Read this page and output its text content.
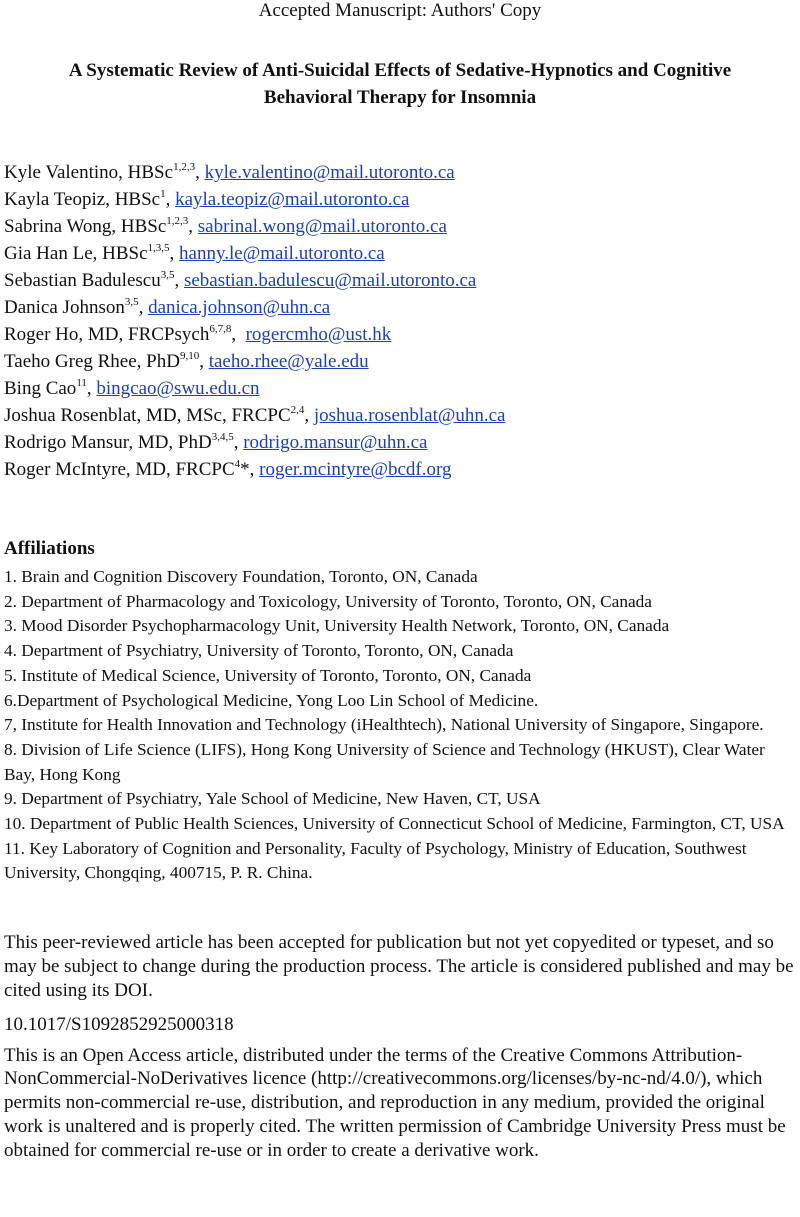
Accepted Manuscript: Authors' Copy
A Systematic Review of Anti-Suicidal Effects of Sedative-Hypnotics and Cognitive
Behavioral Therapy for Insomnia
Kyle Valentino, HBSc$^{1,2,3}$, kyle.valentino@mail.utoronto.ca
Kayla Teopiz, HBSc$^1$, kayla.teopiz@mail.utoronto.ca
Sabrina Wong, HBSc$^{1,2,3}$, sabrinal.wong@mail.utoronto.ca
Gia Han Le, HBSc$^{1,3,5}$, hanny.le@mail.utoronto.ca
Sebastian Badulescu$^{3,5}$, sebastian.badulescu@mail.utoronto.ca
Danica Johnson$^{3,5}$, danica.johnson@uhn.ca
Roger Ho, MD, FRCPsych$^{6,7,8}$,  rogercmho@ust.hk
Taeho Greg Rhee, PhD$^{9,10}$, taeho.rhee@yale.edu
Bing Cao$^{11}$, bingcao@swu.edu.cn
Joshua Rosenblat, MD, MSc, FRCPC$^{2,4}$, joshua.rosenblat@uhn.ca
Rodrigo Mansur, MD, PhD$^{3,4,5}$, rodrigo.mansur@uhn.ca
Roger McIntyre, MD, FRCPC$^4$*, roger.mcintyre@bcdf.org
Affiliations
1. Brain and Cognition Discovery Foundation, Toronto, ON, Canada
2. Department of Pharmacology and Toxicology, University of Toronto, Toronto, ON, Canada
3. Mood Disorder Psychopharmacology Unit, University Health Network, Toronto, ON, Canada
4. Department of Psychiatry, University of Toronto, Toronto, ON, Canada
5. Institute of Medical Science, University of Toronto, Toronto, ON, Canada
6.Department of Psychological Medicine, Yong Loo Lin School of Medicine.
7, Institute for Health Innovation and Technology (iHealthtech), National University of Singapore, Singapore.
8. Division of Life Science (LIFS), Hong Kong University of Science and Technology (HKUST), Clear Water Bay, Hong Kong
9. Department of Psychiatry, Yale School of Medicine, New Haven, CT, USA
10. Department of Public Health Sciences, University of Connecticut School of Medicine, Farmington, CT, USA
11. Key Laboratory of Cognition and Personality, Faculty of Psychology, Ministry of Education, Southwest University, Chongqing, 400715, P. R. China.
This peer-reviewed article has been accepted for publication but not yet copyedited or typeset, and so may be subject to change during the production process. The article is considered published and may be cited using its DOI.
10.1017/S1092852925000318
This is an Open Access article, distributed under the terms of the Creative Commons Attribution-NonCommercial-NoDerivatives licence (http://creativecommons.org/licenses/by-nc-nd/4.0/), which permits non-commercial re-use, distribution, and reproduction in any medium, provided the original work is unaltered and is properly cited. The written permission of Cambridge University Press must be obtained for commercial re-use or in order to create a derivative work.
